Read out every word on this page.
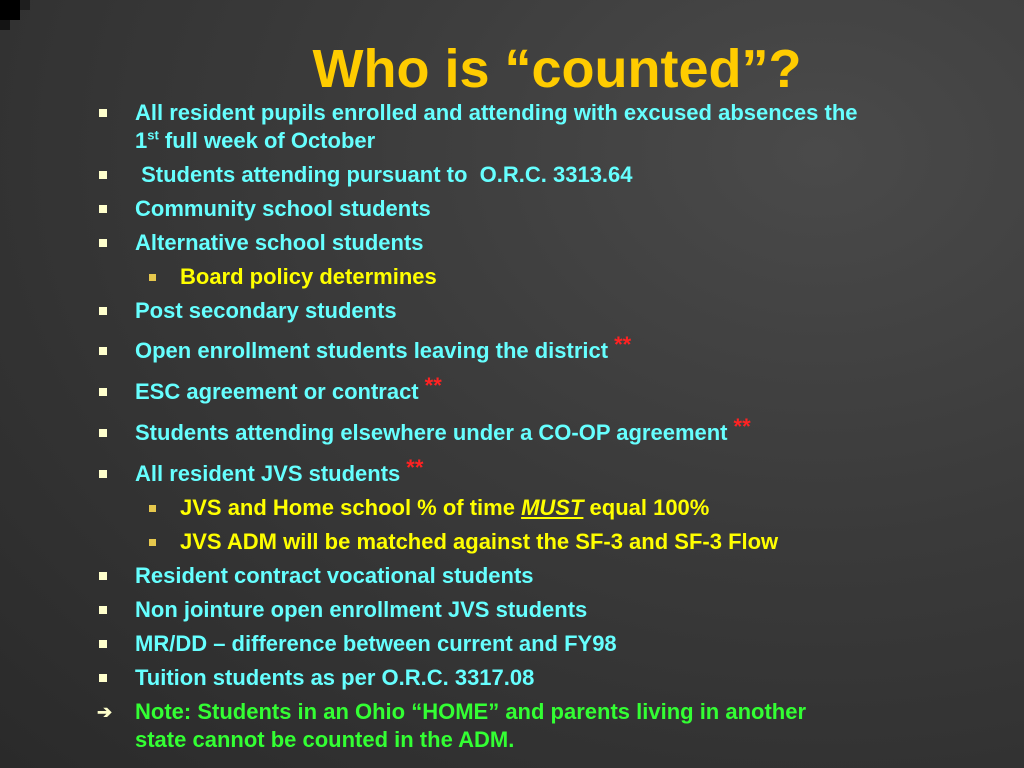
Who is “counted”?
All resident pupils enrolled and attending with excused absences the
1st full week of October
Students attending pursuant to  O.R.C. 3313.64
Community school students
Alternative school students
Board policy determines
Post secondary students
Open enrollment students leaving the district **
ESC agreement or contract **
Students attending elsewhere under a CO-OP agreement **
All resident JVS students **
JVS and Home school % of time MUST equal 100%
JVS ADM will be matched against the SF-3 and SF-3 Flow
Resident contract vocational students
Non jointure open enrollment JVS students
MR/DD – difference between current and FY98
Tuition students as per O.R.C. 3317.08
➔ Note: Students in an Ohio “HOME” and parents living in another
state cannot be counted in the ADM.
